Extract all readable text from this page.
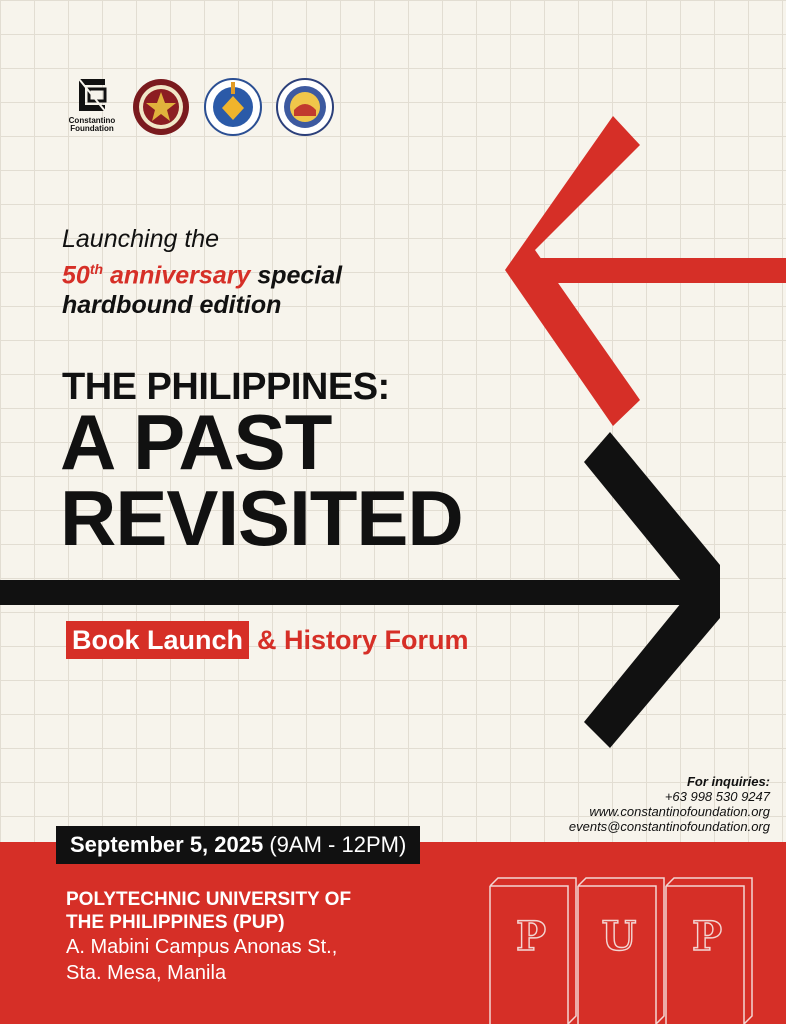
Constantino Foundation
Launching the
50th anniversary special
hardbound edition
THE PHILIPPINES:
A PAST
REVISITED
Book Launch & History Forum
For inquiries:
+63 998 530 9247
www.constantinofoundation.org
events@constantinofoundation.org
September 5, 2025 (9AM - 12PM)
POLYTECHNIC UNIVERSITY OF
THE PHILIPPINES (PUP)
A. Mabini Campus Anonas St.,
Sta. Mesa, Manila
P U P
